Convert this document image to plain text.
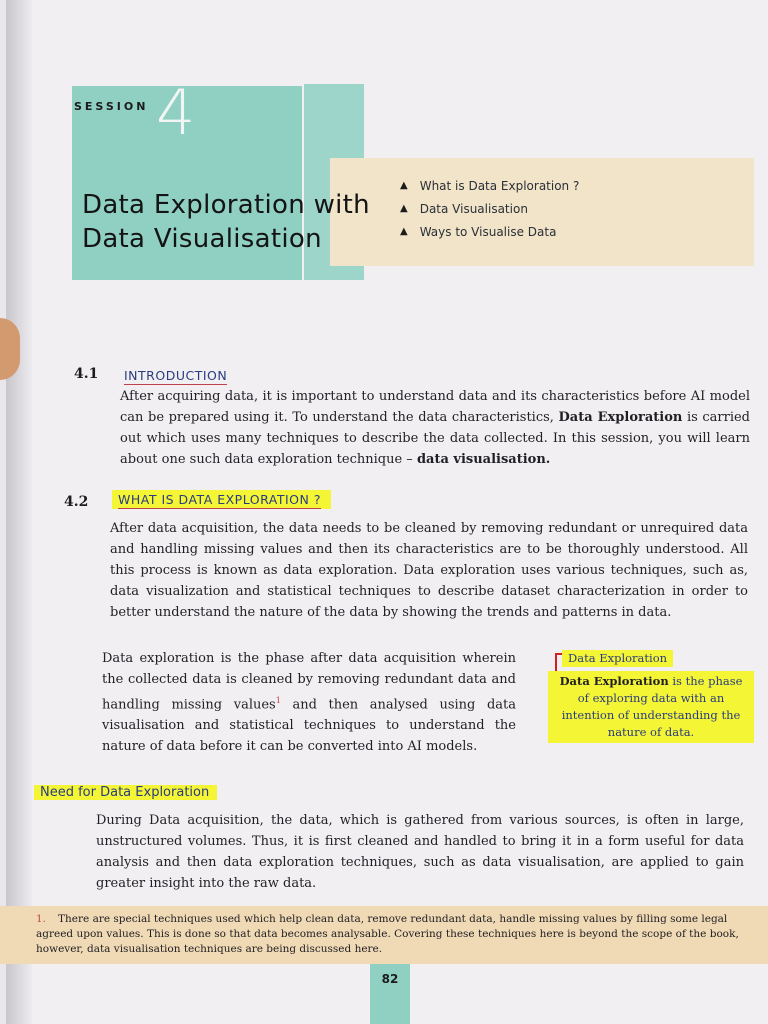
SESSION 4
Data Exploration with
Data Visualisation
▲ What is Data Exploration ?
▲ Data Visualisation
▲ Ways to Visualise Data
4.1 INTRODUCTION
After acquiring data, it is important to understand data and its characteristics before AI model can be prepared using it. To understand the data characteristics, Data Exploration is carried out which uses many techniques to describe the data collected. In this session, you will learn about one such data exploration technique – data visualisation.
4.2	WHAT IS DATA EXPLORATION ?
After data acquisition, the data needs to be cleaned by removing redundant or unrequired data and handling missing values and then its characteristics are to be thoroughly understood. All this process is known as data exploration. Data exploration uses various techniques, such as, data visualization and statistical techniques to describe dataset characterization in order to better understand the nature of the data by showing the trends and patterns in data.
Data exploration is the phase after data acquisition wherein the collected data is cleaned by removing redundant data and handling missing values$^1$ and then analysed using data visualisation and statistical techniques to understand the nature of data before it can be converted into AI models.
Data Exploration
Data Exploration is the phase of exploring data with an intention of understanding the nature of data.
Need for Data Exploration
During Data acquisition, the data, which is gathered from various sources, is often in large, unstructured volumes. Thus, it is first cleaned and handled to bring it in a form useful for data analysis and then data exploration techniques, such as data visualisation, are applied to gain greater insight into the raw data.
1. There are special techniques used which help clean data, remove redundant data, handle missing values by filling some legal agreed upon values. This is done so that data becomes analysable. Covering these techniques here is beyond the scope of the book, however, data visualisation techniques are being discussed here.
82
